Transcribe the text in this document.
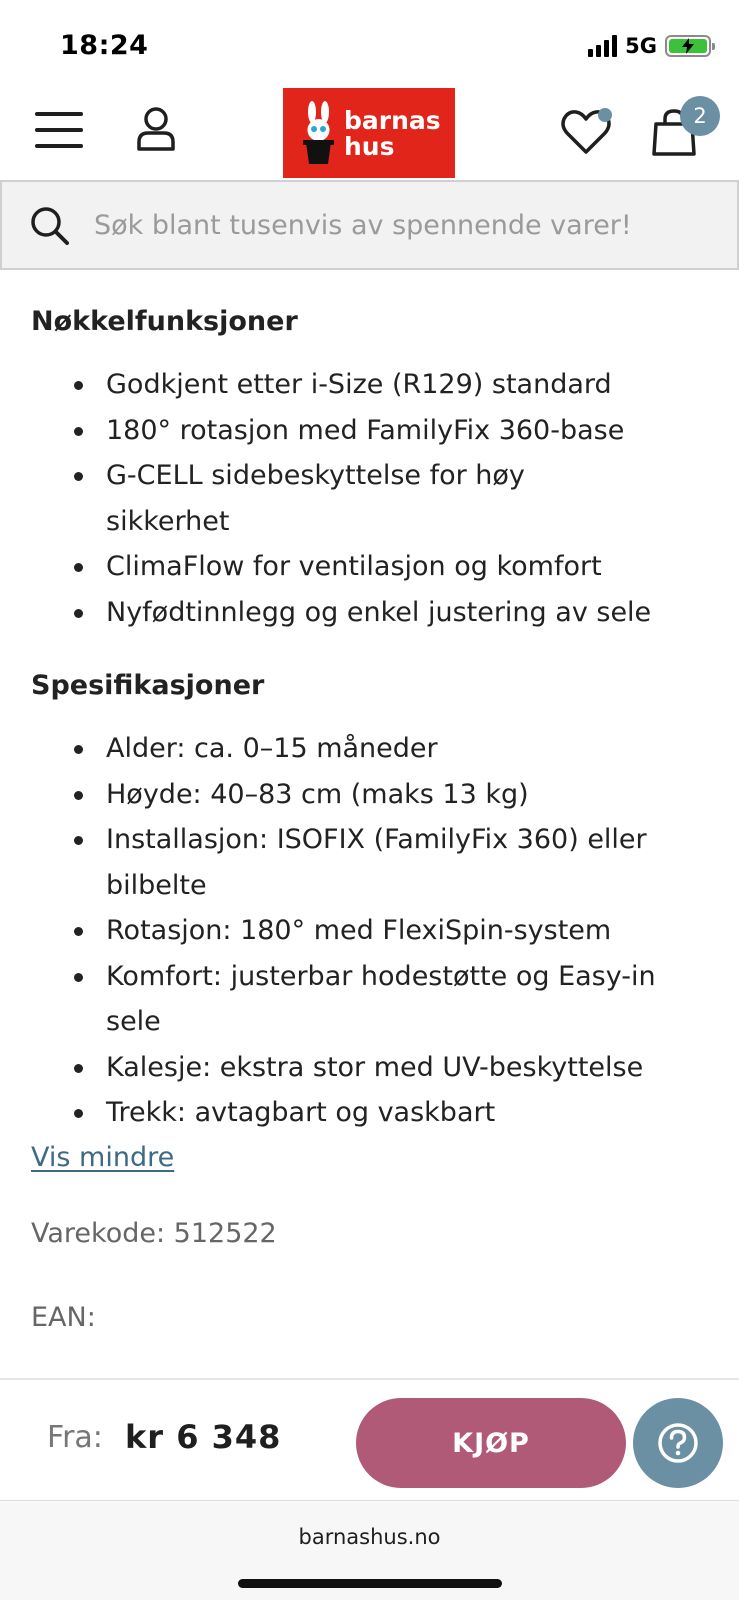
18:24	5G
barnas
hus
2
Søk blant tusenvis av spennende varer!
Nøkkelfunksjoner
Godkjent etter i-Size (R129) standard
180° rotasjon med FamilyFix 360-base
G-CELL sidebeskyttelse for høy sikkerhet
ClimaFlow for ventilasjon og komfort
Nyfødtinnlegg og enkel justering av sele
Spesifikasjoner
Alder: ca. 0–15 måneder
Høyde: 40–83 cm (maks 13 kg)
Installasjon: ISOFIX (FamilyFix 360) eller bilbelte
Rotasjon: 180° med FlexiSpin-system
Komfort: justerbar hodestøtte og Easy-in sele
Kalesje: ekstra stor med UV-beskyttelse
Trekk: avtagbart og vaskbart
Vis mindre
Varekode: 512522
EAN:
Fra: kr 6 348	KJØP
barnashus.no
